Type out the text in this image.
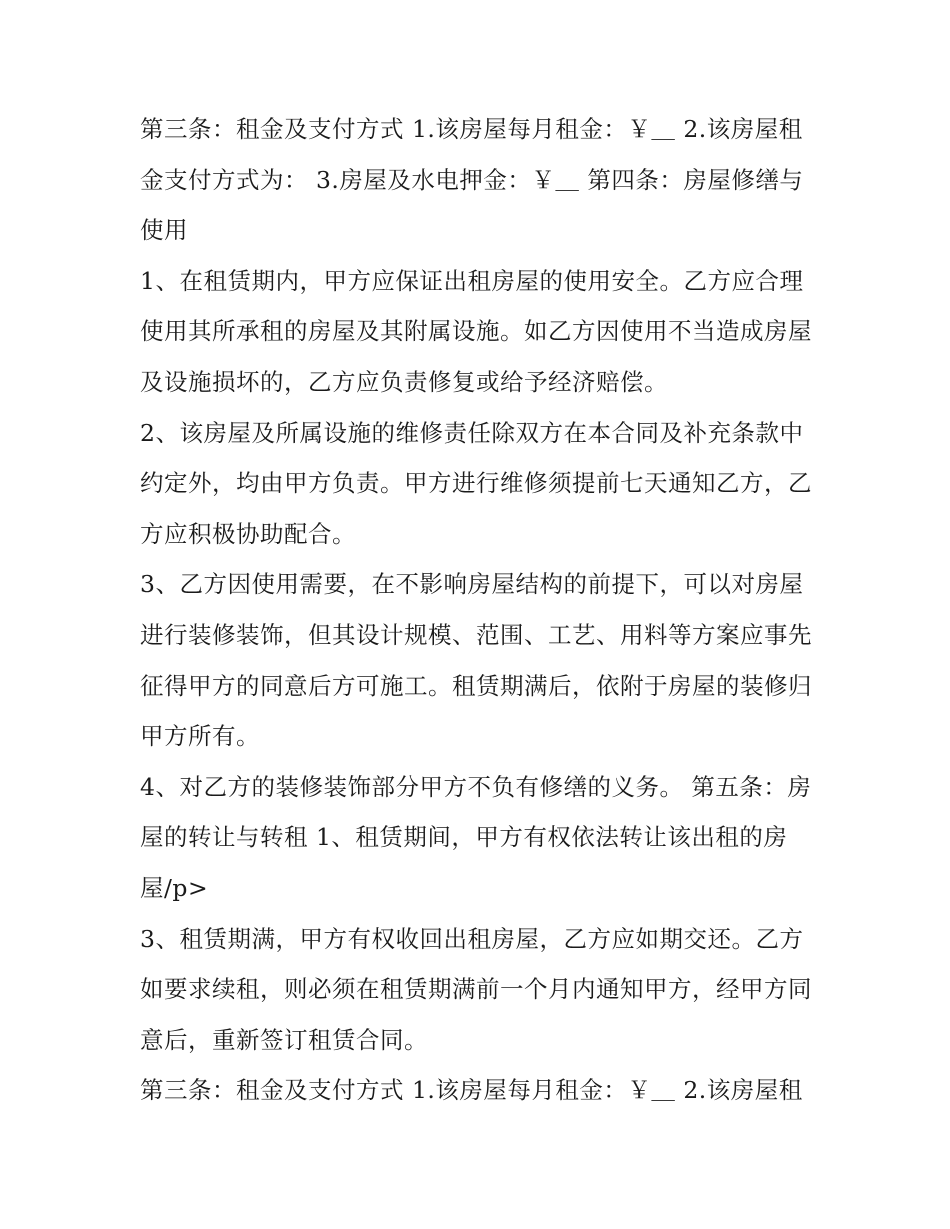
第三条：租金及支付方式 1.该房屋每月租金：￥＿ 2.该房屋租金支付方式为： 3.房屋及水电押金：￥＿ 第四条：房屋修缮与使用

1、在租赁期内，甲方应保证出租房屋的使用安全。乙方应合理使用其所承租的房屋及其附属设施。如乙方因使用不当造成房屋及设施损坏的，乙方应负责修复或给予经济赔偿。

2、该房屋及所属设施的维修责任除双方在本合同及补充条款中约定外，均由甲方负责。甲方进行维修须提前七天通知乙方，乙方应积极协助配合。

3、乙方因使用需要，在不影响房屋结构的前提下，可以对房屋进行装修装饰，但其设计规模、范围、工艺、用料等方案应事先征得甲方的同意后方可施工。租赁期满后，依附于房屋的装修归甲方所有。

4、对乙方的装修装饰部分甲方不负有修缮的义务。 第五条：房屋的转让与转租 1、租赁期间，甲方有权依法转让该出租的房屋/p>

3、租赁期满，甲方有权收回出租房屋，乙方应如期交还。乙方如要求续租，则必须在租赁期满前一个月内通知甲方，经甲方同意后，重新签订租赁合同。

第三条：租金及支付方式 1.该房屋每月租金：￥＿ 2.该房屋租
